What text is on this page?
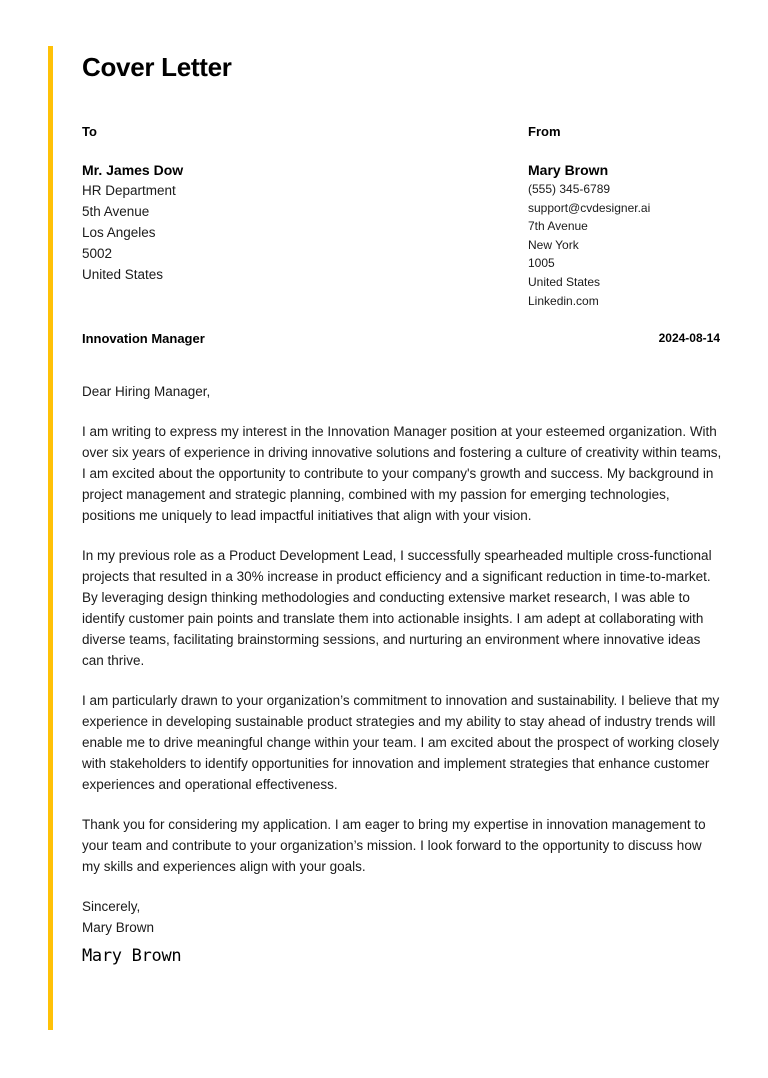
Cover Letter
To
Mr. James Dow
HR Department
5th Avenue
Los Angeles
5002
United States
From
Mary Brown
(555) 345-6789
support@cvdesigner.ai
7th Avenue
New York
1005
United States
Linkedin.com
Innovation Manager	2024-08-14

Dear Hiring Manager,

I am writing to express my interest in the Innovation Manager position at your esteemed organization. With over six years of experience in driving innovative solutions and fostering a culture of creativity within teams, I am excited about the opportunity to contribute to your company's growth and success. My background in project management and strategic planning, combined with my passion for emerging technologies, positions me uniquely to lead impactful initiatives that align with your vision.

In my previous role as a Product Development Lead, I successfully spearheaded multiple cross-functional projects that resulted in a 30% increase in product efficiency and a significant reduction in time-to-market. By leveraging design thinking methodologies and conducting extensive market research, I was able to identify customer pain points and translate them into actionable insights. I am adept at collaborating with diverse teams, facilitating brainstorming sessions, and nurturing an environment where innovative ideas can thrive.

I am particularly drawn to your organization’s commitment to innovation and sustainability. I believe that my experience in developing sustainable product strategies and my ability to stay ahead of industry trends will enable me to drive meaningful change within your team. I am excited about the prospect of working closely with stakeholders to identify opportunities for innovation and implement strategies that enhance customer experiences and operational effectiveness.

Thank you for considering my application. I am eager to bring my expertise in innovation management to your team and contribute to your organization’s mission. I look forward to the opportunity to discuss how my skills and experiences align with your goals.

Sincerely,
Mary Brown
Mary Brown
